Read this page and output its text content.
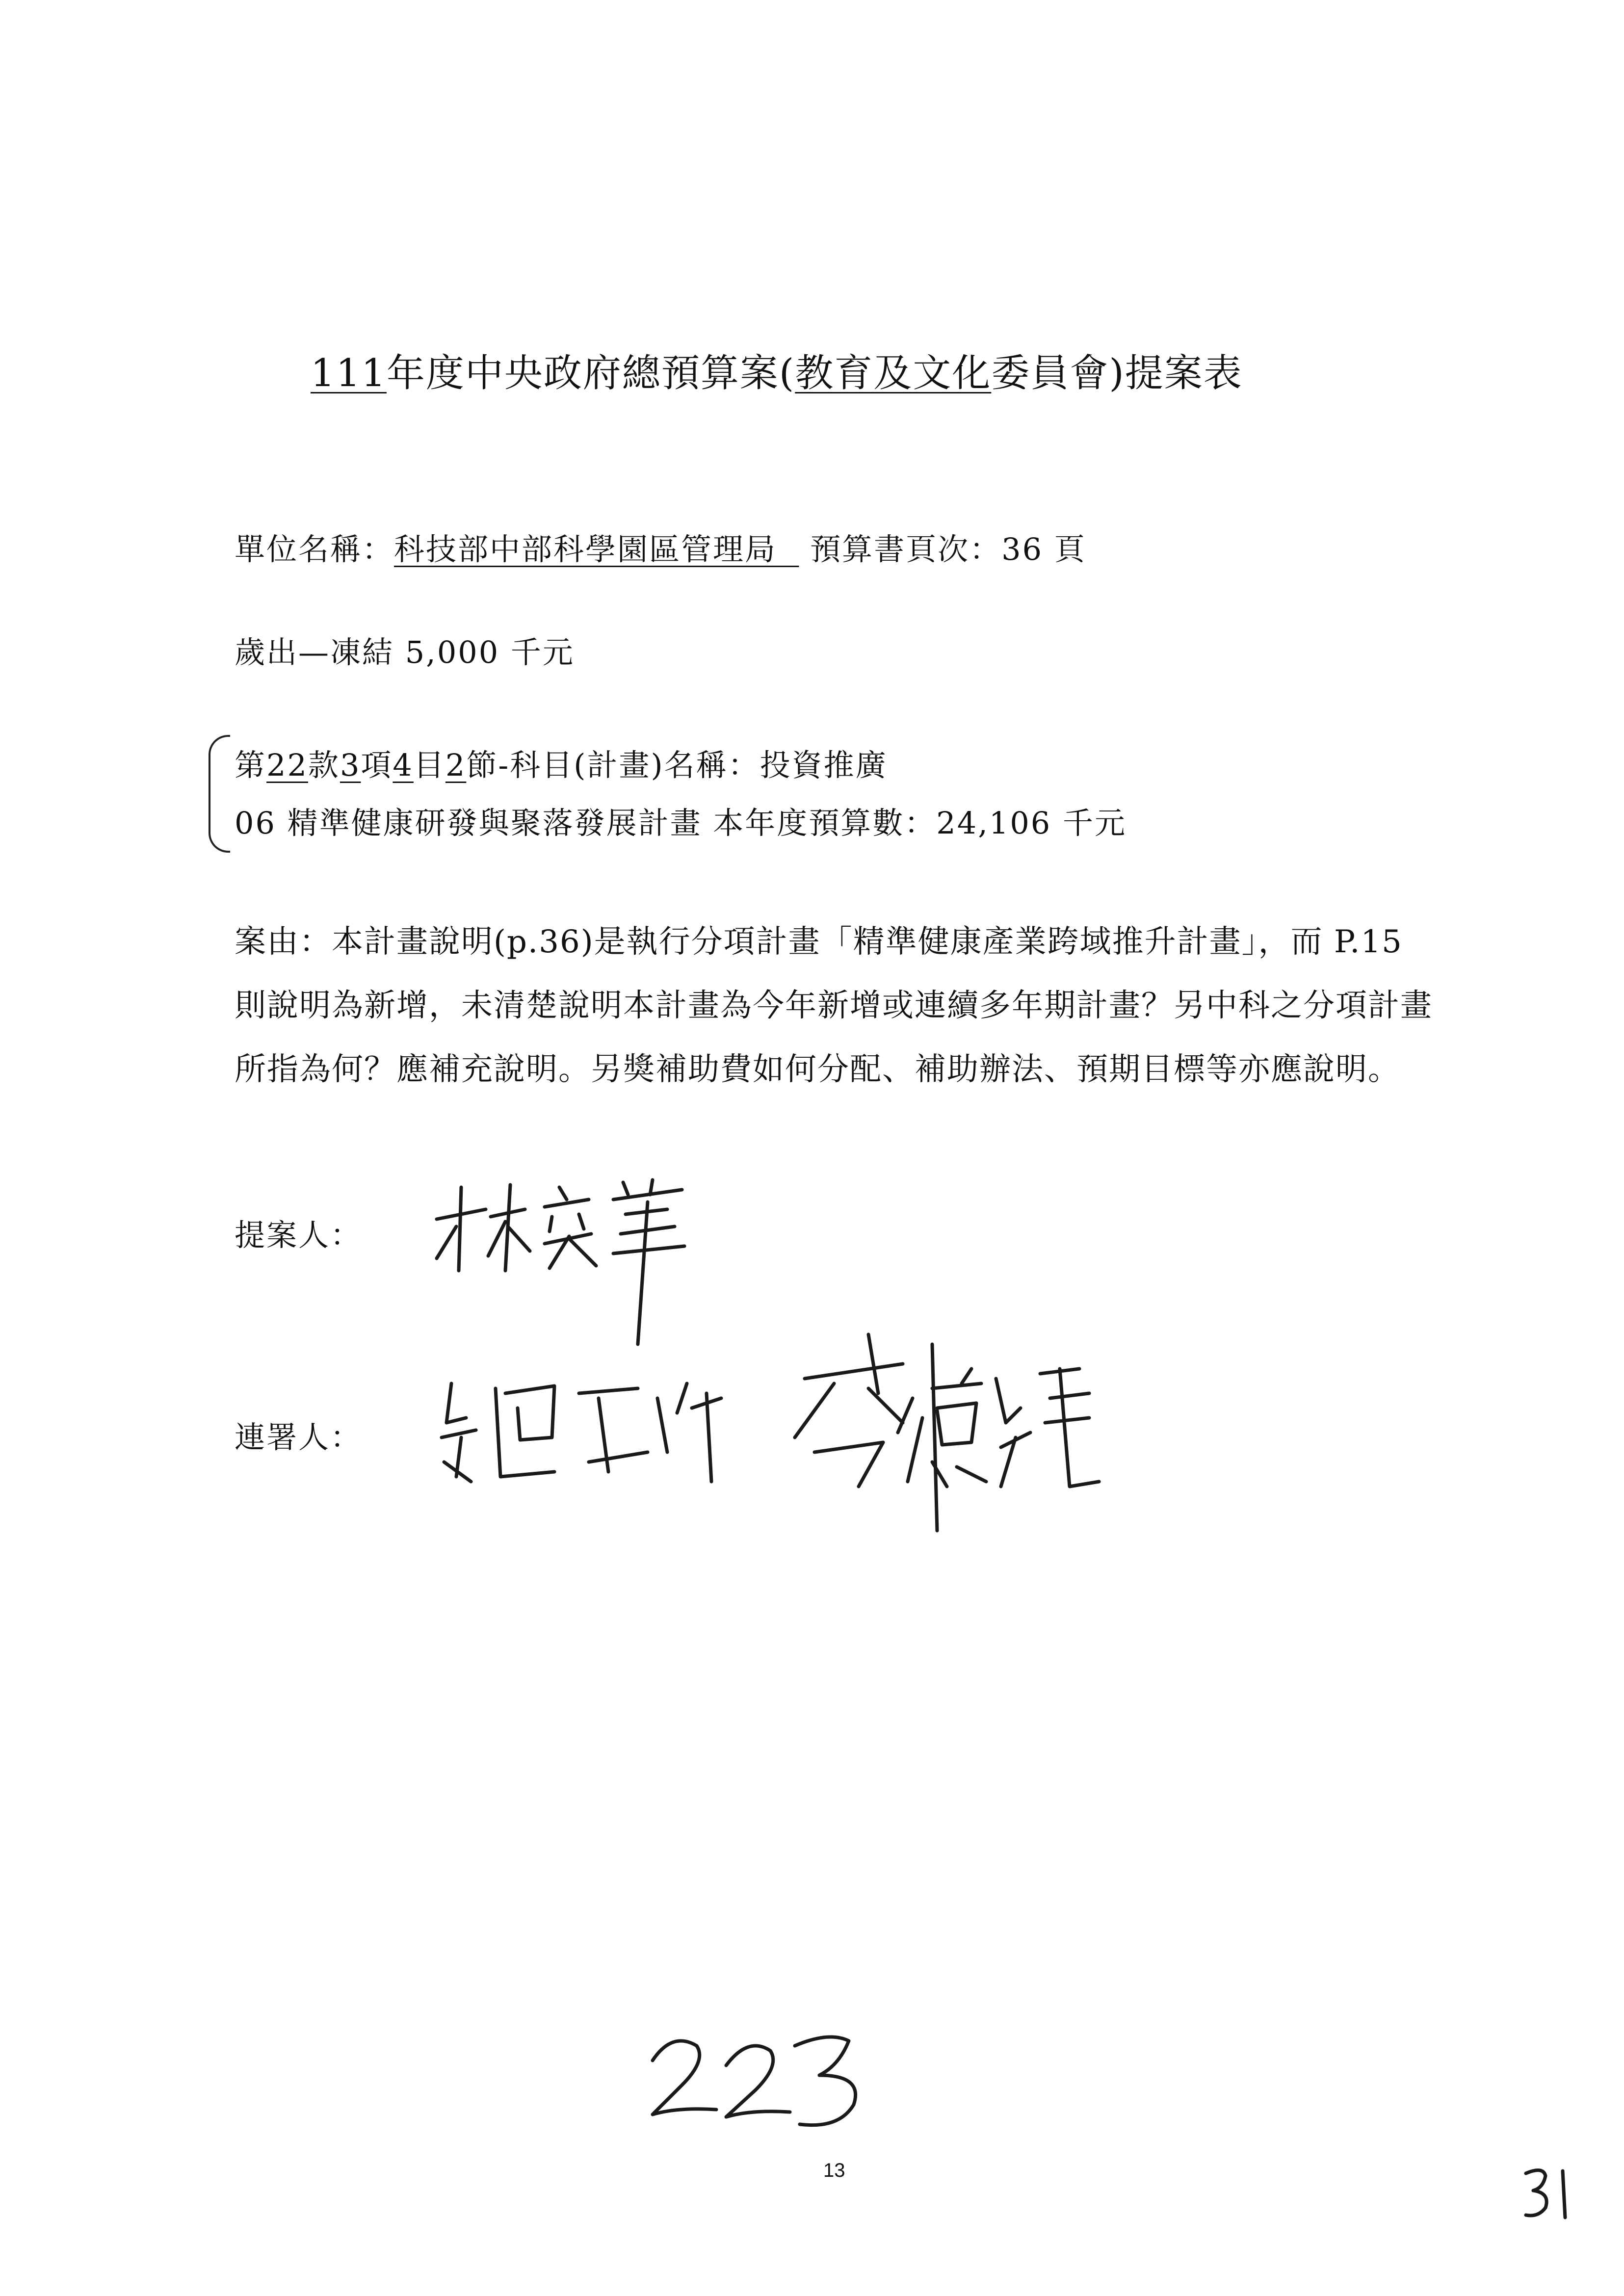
111年度中央政府總預算案(教育及文化委員會)提案表
單位名稱：科技部中部科學園區管理局 預算書頁次：36 頁
歲出—凍結 5,000 千元
第22款3項4目2節-科目(計畫)名稱：投資推廣
06 精準健康研發與聚落發展計畫 本年度預算數：24,106 千元
案由：本計畫說明(p.36)是執行分項計畫「精準健康產業跨域推升計畫」，而 P.15 則說明為新增，未清楚說明本計畫為今年新增或連續多年期計畫？另中科之分項計畫所指為何？應補充說明。另獎補助費如何分配、補助辦法、預期目標等亦應說明。
提案人：
連署人：
13
